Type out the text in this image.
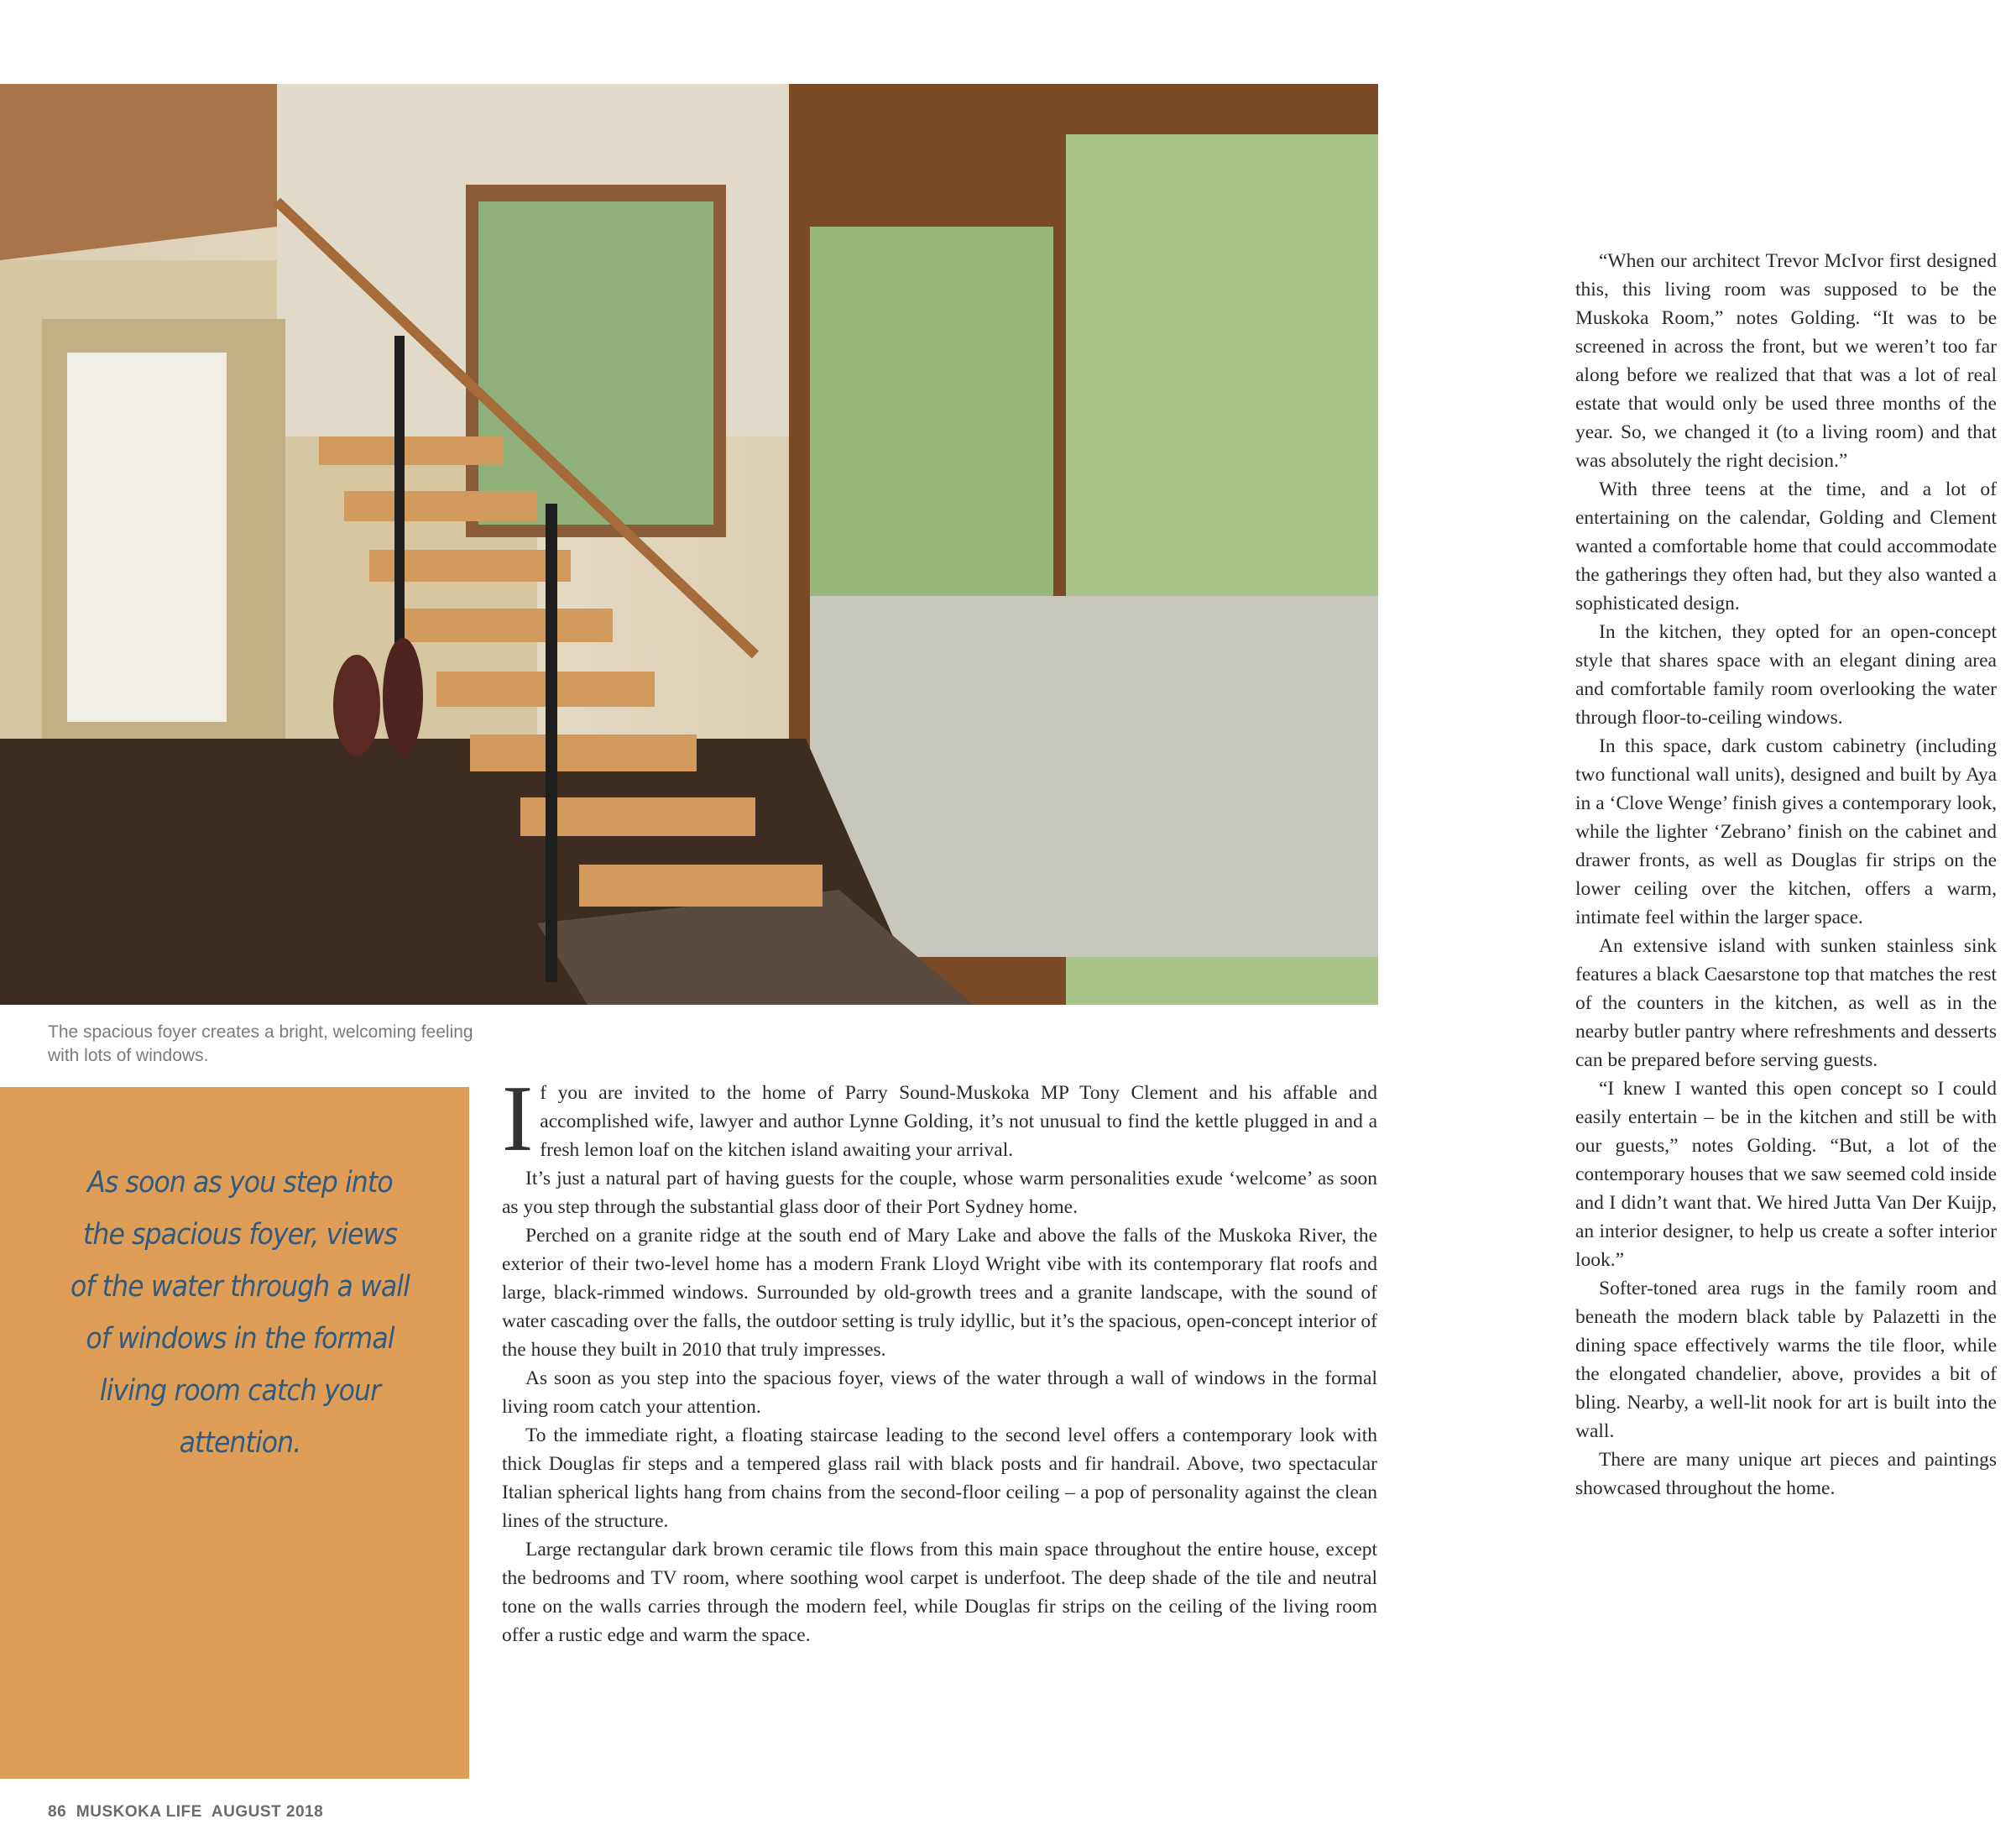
The spacious foyer creates a bright, welcoming feeling with lots of windows.
As soon as you step into the spacious foyer, views of the water through a wall of windows in the formal living room catch your attention.

If you are invited to the home of Parry Sound-Muskoka MP Tony Clement and his affable and accomplished wife, lawyer and author Lynne Golding, it’s not unusual to find the kettle plugged in and a fresh lemon loaf on the kitchen island awaiting your arrival.

It’s just a natural part of having guests for the couple, whose warm personalities exude ‘welcome’ as soon as you step through the substantial glass door of their Port Sydney home.

Perched on a granite ridge at the south end of Mary Lake and above the falls of the Muskoka River, the exterior of their two-level home has a modern Frank Lloyd Wright vibe with its contemporary flat roofs and large, black-rimmed windows. Surrounded by old-growth trees and a granite landscape, with the sound of water cascading over the falls, the outdoor setting is truly idyllic, but it’s the spacious, open-concept interior of the house they built in 2010 that truly impresses.

As soon as you step into the spacious foyer, views of the water through a wall of windows in the formal living room catch your attention.

To the immediate right, a floating staircase leading to the second level offers a contemporary look with thick Douglas fir steps and a tempered glass rail with black posts and fir handrail. Above, two spectacular Italian spherical lights hang from chains from the second-floor ceiling – a pop of personality against the clean lines of the structure.

Large rectangular dark brown ceramic tile flows from this main space throughout the entire house, except the bedrooms and TV room, where soothing wool carpet is underfoot. The deep shade of the tile and neutral tone on the walls carries through the modern feel, while Douglas fir strips on the ceiling of the living room offer a rustic edge and warm the space.

“When our architect Trevor McIvor first designed this, this living room was supposed to be the Muskoka Room,” notes Golding. “It was to be screened in across the front, but we weren’t too far along before we realized that that was a lot of real estate that would only be used three months of the year. So, we changed it (to a living room) and that was absolutely the right decision.”

With three teens at the time, and a lot of entertaining on the calendar, Golding and Clement wanted a comfortable home that could accommodate the gatherings they often had, but they also wanted a sophisticated design.

In the kitchen, they opted for an open-concept style that shares space with an elegant dining area and comfortable family room overlooking the water through floor-to-ceiling windows.

In this space, dark custom cabinetry (including two functional wall units), designed and built by Aya in a ‘Clove Wenge’ finish gives a contemporary look, while the lighter ‘Zebrano’ finish on the cabinet and drawer fronts, as well as Douglas fir strips on the lower ceiling over the kitchen, offers a warm, intimate feel within the larger space.

An extensive island with sunken stainless sink features a black Caesarstone top that matches the rest of the counters in the kitchen, as well as in the nearby butler pantry where refreshments and desserts can be prepared before serving guests.

“I knew I wanted this open concept so I could easily entertain – be in the kitchen and still be with our guests,” notes Golding. “But, a lot of the contemporary houses that we saw seemed cold inside and I didn’t want that. We hired Jutta Van Der Kuijp, an interior designer, to help us create a softer interior look.”

Softer-toned area rugs in the family room and beneath the modern black table by Palazetti in the dining space effectively warms the tile floor, while the elongated chandelier, above, provides a bit of bling. Nearby, a well-lit nook for art is built into the wall.

There are many unique art pieces and paintings showcased throughout the home.

86 MUSKOKA LIFE AUGUST 2018
